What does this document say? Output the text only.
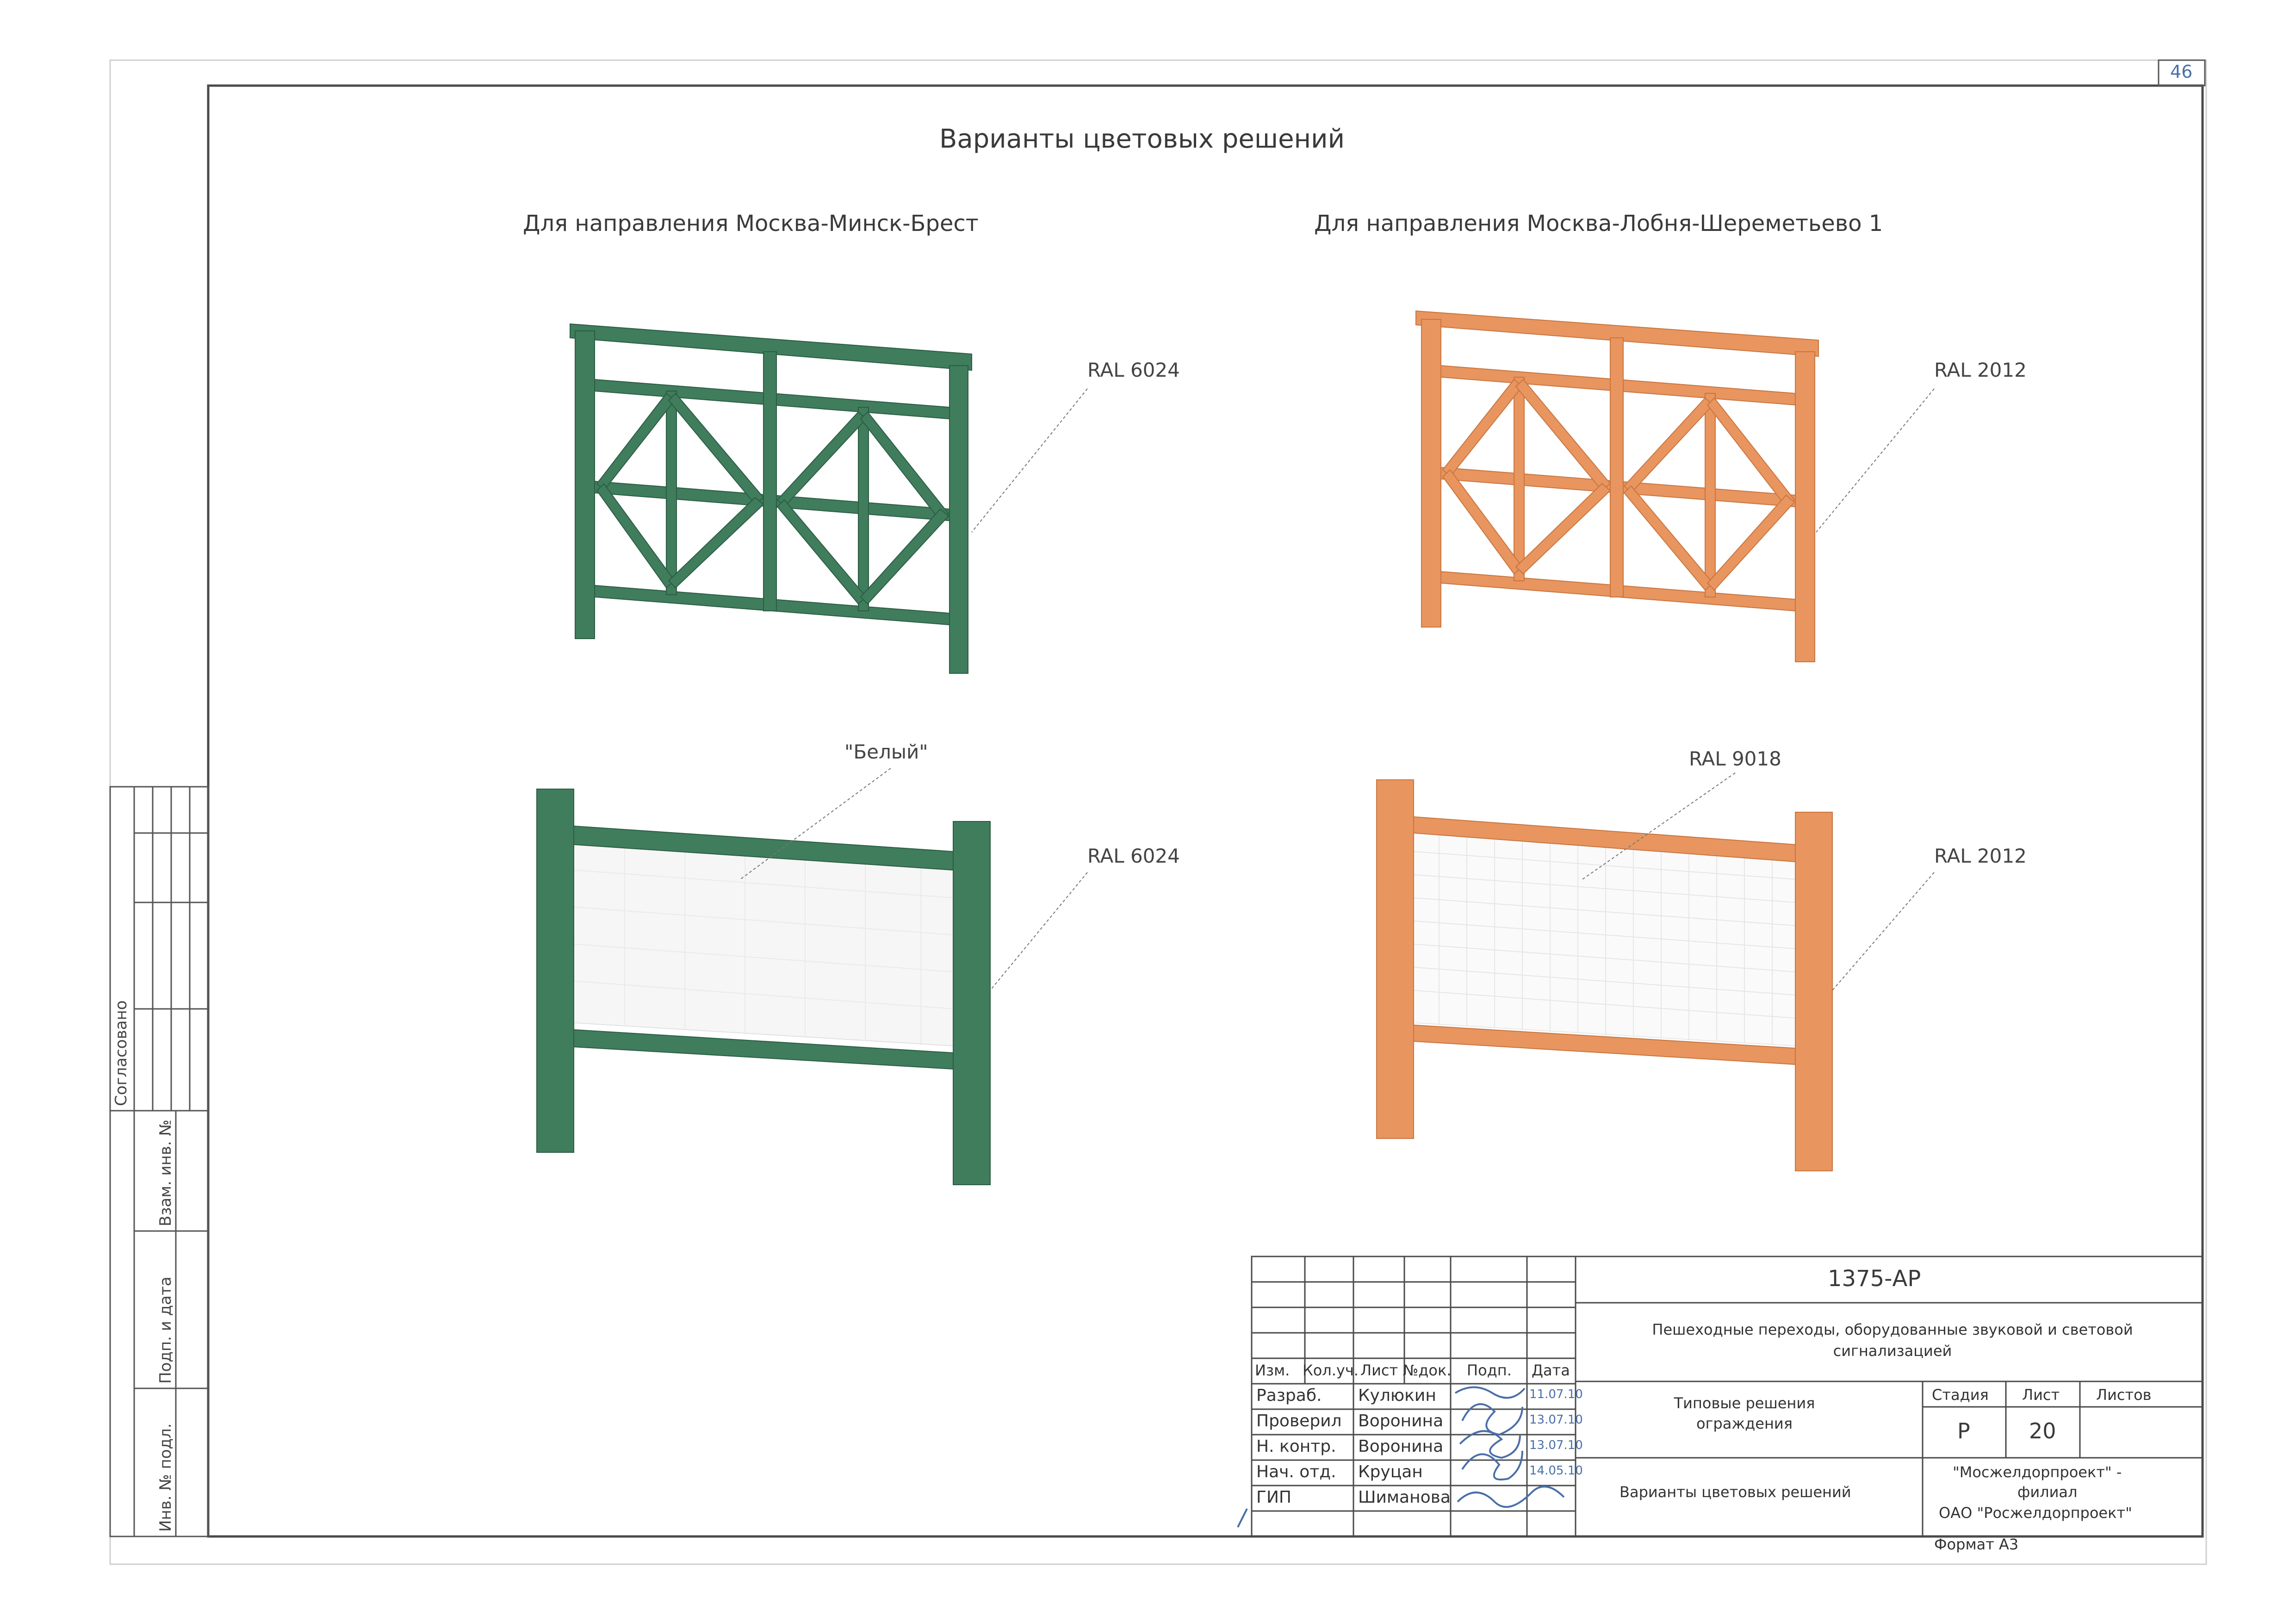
46
Варианты цветовых решений
Для направления Москва-Минск-Брест	Для направления Москва-Лобня-Шереметьево 1
RAL 6024	RAL 2012
"Белый"
RAL 6024
RAL 9018
RAL 2012
Согласовано
Взам. инв. №
Подп. и дата
Инв. № подл.
1375-АР
Пешеходные переходы, оборудованные звуковой и световой сигнализацией
Типовые решения ограждения
Варианты цветовых решений
"Мосжелдорпроект" -
филиал
ОАО "Росжелдорпроект"
Формат А3
Стадия Лист Листов
Р	20
Изм. Кол.уч. Лист №док. Подп. Дата
Разраб. Кулюкин	11.07.10
Проверил Воронина	13.07.10
Н. контр. Воронина	13.07.10
Нач. отд. Круцан	14.05.10
ГИП	Шиманова
